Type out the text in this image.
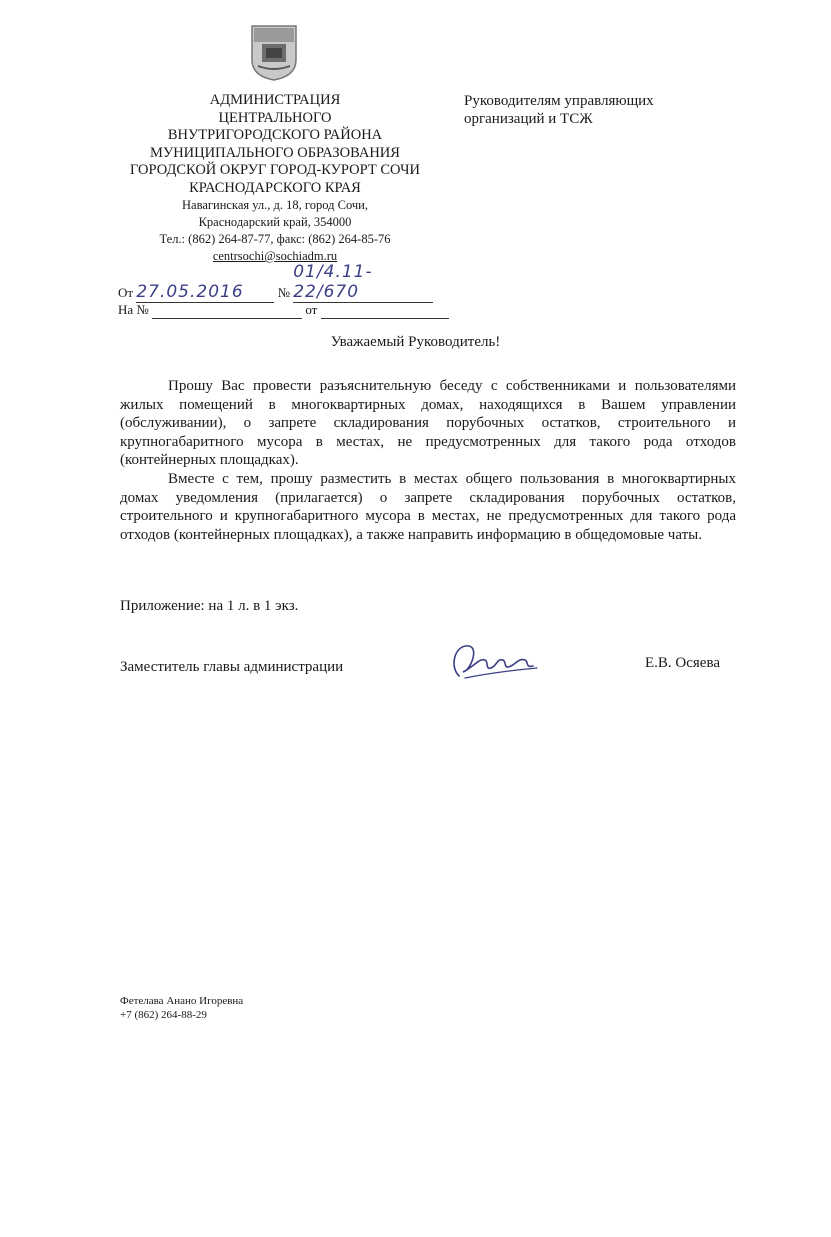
АДМИНИСТРАЦИЯ
ЦЕНТРАЛЬНОГО
ВНУТРИГОРОДСКОГО РАЙОНА
МУНИЦИПАЛЬНОГО ОБРАЗОВАНИЯ
ГОРОДСКОЙ ОКРУГ ГОРОД-КУРОРТ СОЧИ
КРАСНОДАРСКОГО КРАЯ
Навагинская ул., д. 18, город Сочи,
Краснодарский край, 354000
Тел.: (862) 264-87-77, факс: (862) 264-85-76
centrsochi@sochiadm.ru
Руководителям управляющих
организаций и ТСЖ
От 27.05.2016	№ 01/4.11-22/670
На №	от
Уважаемый Руководитель!

Прошу Вас провести разъяснительную беседу с собственниками и пользователями жилых помещений в многоквартирных домах, находящихся в Вашем управлении (обслуживании), о запрете складирования порубочных остатков, строительного и крупногабаритного мусора в местах, не предусмотренных для такого рода отходов (контейнерных площадках).

Вместе с тем, прошу разместить в местах общего пользования в многоквартирных домах уведомления (прилагается) о запрете складирования порубочных остатков, строительного и крупногабаритного мусора в местах, не предусмотренных для такого рода отходов (контейнерных площадках), а также направить информацию в общедомовые чаты.

Приложение: на 1 л. в 1 экз.
Заместитель главы администрации	Е.В. Осяева
Фетелава Анано Игоревна
+7 (862) 264-88-29
